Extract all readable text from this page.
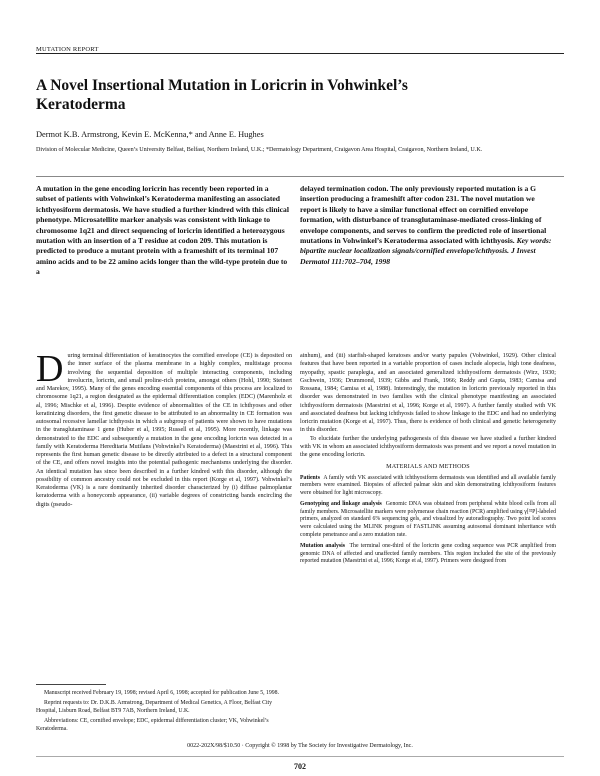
MUTATION REPORT
A Novel Insertional Mutation in Loricrin in Vohwinkel’s Keratoderma
Dermot K.B. Armstrong, Kevin E. McKenna,* and Anne E. Hughes
Division of Molecular Medicine, Queen’s University Belfast, Belfast, Northern Ireland, U.K.; *Dermatology Department, Craigavon Area Hospital, Craigavon, Northern Ireland, U.K.

A mutation in the gene encoding loricrin has recently been reported in a subset of patients with Vohwinkel’s Keratoderma manifesting an associated ichthyosiform dermatosis. We have studied a further kindred with this clinical phenotype. Microsatellite marker analysis was consistent with linkage to chromosome 1q21 and direct sequencing of loricrin identified a heterozygous mutation with an insertion of a T residue at codon 209. This mutation is predicted to produce a mutant protein with a frameshift of its terminal 107 amino acids and to be 22 amino acids longer than the wild-type protein due to a

delayed termination codon. The only previously reported mutation is a G insertion producing a frameshift after codon 231. The novel mutation we report is likely to have a similar functional effect on cornified envelope formation, with disturbance of transglutaminase-mediated cross-linking of envelope components, and serves to confirm the predicted role of insertional mutations in Vohwinkel’s Keratoderma associated with ichthyosis. Key words: bipartite nuclear localization signals/cornified envelope/ichthyosis. J Invest Dermatol 111:702–704, 1998

During terminal differentiation of keratinocytes the cornified envelope (CE) is deposited on the inner surface of the plasma membrane in a highly complex, multistage process involving the sequential deposition of multiple interacting components, including involucrin, loricrin, and small proline-rich proteins, amongst others (Hohl, 1990; Steinert and Marekov, 1995). Many of the genes encoding essential components of this process are localized to chromosome 1q21, a region designated as the epidermal differentiation complex (EDC) (Marenholz et al, 1996; Mischke et al, 1996). Despite evidence of abnormalities of the CE in ichthyoses and other keratinizing disorders, the first genetic disease to be attributed to an abnormality in CE formation was autosomal recessive lamellar ichthyosis in which a subgroup of patients were shown to have mutations in the transglutaminase 1 gene (Huber et al, 1995; Russell et al, 1995). More recently, linkage was demonstrated to the EDC and subsequently a mutation in the gene encoding loricrin was detected in a family with Keratoderma Hereditaria Mutilans (Vohwinkel’s Keratoderma) (Maestrini et al, 1996). This represents the first human genetic disease to be directly attributed to a defect in a structural component of the CE, and offers novel insights into the potential pathogenic mechanisms underlying the disorder. An identical mutation has since been described in a further kindred with this disorder, although the possibility of common ancestry could not be excluded in this report (Korge et al, 1997). Vohwinkel’s Keratoderma (VK) is a rare dominantly inherited disorder characterized by (i) diffuse palmoplantar keratoderma with a honeycomb appearance, (ii) variable degrees of constricting bands encircling the digits (pseudo-

ainhum), and (iii) starfish-shaped keratoses and/or warty papules (Vohwinkel, 1929). Other clinical features that have been reported in a variable proportion of cases include alopecia, high tone deafness, myopathy, spastic paraplegia, and an associated generalized ichthyosiform dermatosis (Wirz, 1930; Gschwein, 1936; Drummond, 1939; Gibbs and Frank, 1966; Reddy and Gupta, 1983; Camisa and Rossana, 1984; Camisa et al, 1988). Interestingly, the mutation in loricrin previously reported in this disorder was demonstrated in two families with the clinical phenotype manifesting an associated ichthyosiform dermatosis (Maestrini et al, 1996; Korge et al, 1997). A further family studied with VK and associated deafness but lacking ichthyosis failed to show linkage to the EDC and had no underlying loricrin mutation (Korge et al, 1997). Thus, there is evidence of both clinical and genetic heterogeneity in this disorder.

To elucidate further the underlying pathogenesis of this disease we have studied a further kindred with VK in whom an associated ichthyosiform dermatosis was present and we report a novel mutation in the gene encoding loricrin.

MATERIALS AND METHODS

Patients A family with VK associated with ichthyosiform dermatosis was identified and all available family members were examined. Biopsies of affected palmar skin and skin demonstrating ichthyosiform features were obtained for light microscopy.

Genotyping and linkage analysis Genomic DNA was obtained from peripheral white blood cells from all family members. Microsatellite markers were polymerase chain reaction (PCR) amplified using γ[³²P]-labeled primers, analyzed on standard 6% sequencing gels, and visualized by autoradiography. Two point lod scores were calculated using the MLINK program of FASTLINK assuming autosomal dominant inheritance with complete penetrance and a zero mutation rate.

Mutation analysis The terminal one-third of the loricrin gene coding sequence was PCR amplified from genomic DNA of affected and unaffected family members. This region included the site of the previously reported mutation (Maestrini et al, 1996; Korge et al, 1997). Primers were designed from

Manuscript received February 19, 1998; revised April 6, 1998; accepted for publication June 5, 1998.

Reprint requests to: Dr. D.K.B. Armstrong, Department of Medical Genetics, A Floor, Belfast City Hospital, Lisburn Road, Belfast BT9 7AB, Northern Ireland, U.K.

Abbreviations: CE, cornified envelope; EDC, epidermal differentiation cluster; VK, Vohwinkel’s Keratoderma.

0022-202X/98/$10.50 · Copyright © 1998 by The Society for Investigative Dermatology, Inc.
702
